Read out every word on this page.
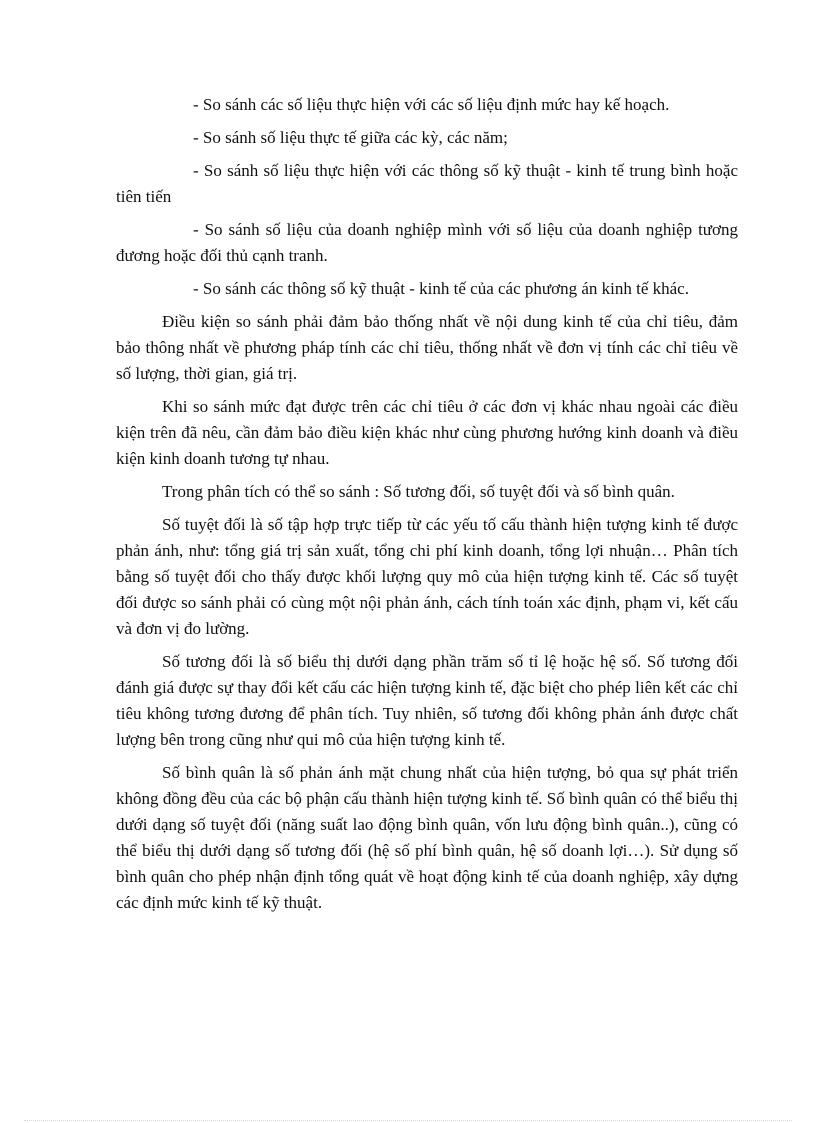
- So sánh các số liệu thực hiện với các số liệu định mức hay kế hoạch.

- So sánh số liệu thực tế giữa các kỳ, các năm;

- So sánh số liệu thực hiện với các thông số kỹ thuật - kinh tế trung bình hoặc tiên tiến

- So sánh số liệu của doanh nghiệp mình với số liệu của doanh nghiệp tương đương hoặc đối thủ cạnh tranh.

- So sánh các thông số kỹ thuật - kinh tế của các phương án kinh tế khác.

Điều kiện so sánh phải đảm bảo thống nhất về nội dung kinh tế của chỉ tiêu, đảm bảo thông nhất về phương pháp tính các chỉ tiêu, thống nhất về đơn vị tính các chỉ tiêu về số lượng, thời gian, giá trị.

Khi so sánh mức đạt được trên các chỉ tiêu ở các đơn vị khác nhau ngoài các điều kiện trên đã nêu, cần đảm bảo điều kiện khác như cùng phương hướng kinh doanh và điều kiện kinh doanh tương tự nhau.

Trong phân tích có thể so sánh : Số tương đối, số tuyệt đối và số bình quân.

Số tuyệt đối là số tập hợp trực tiếp từ các yếu tố cấu thành hiện tượng kinh tế được phản ánh, như: tổng giá trị sản xuất, tổng chi phí kinh doanh, tổng lợi nhuận… Phân tích bằng số tuyệt đối cho thấy được khối lượng quy mô của hiện tượng kinh tế. Các số tuyệt đối được so sánh phải có cùng một nội phản ánh, cách tính toán xác định, phạm vi, kết cấu và đơn vị đo lường.

Số tương đối là số biểu thị dưới dạng phần trăm số tỉ lệ hoặc hệ số. Số tương đối đánh giá được sự thay đổi kết cấu các hiện tượng kinh tế, đặc biệt cho phép liên kết các chỉ tiêu không tương đương để phân tích. Tuy nhiên, số tương đối không phản ánh được chất lượng bên trong cũng như qui mô của hiện tượng kinh tế.

Số bình quân là số phản ánh mặt chung nhất của hiện tượng, bỏ qua sự phát triển không đồng đều của các bộ phận cấu thành hiện tượng kinh tế. Số bình quân có thể biểu thị dưới dạng số tuyệt đối (năng suất lao động bình quân, vốn lưu động bình quân..), cũng có thể biểu thị dưới dạng số tương đối (hệ số phí bình quân, hệ số doanh lợi…). Sử dụng số bình quân cho phép nhận định tổng quát về hoạt động kinh tế của doanh nghiệp, xây dựng các định mức kinh tế kỹ thuật.
